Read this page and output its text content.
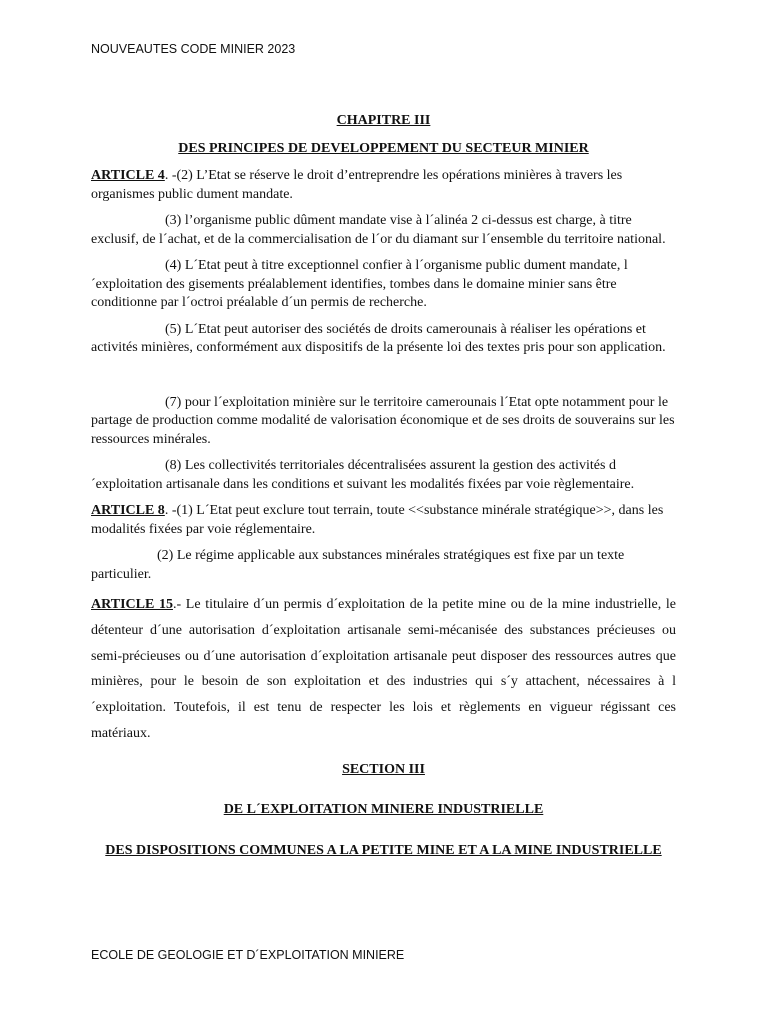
NOUVEAUTES CODE MINIER 2023
CHAPITRE III
DES PRINCIPES DE DEVELOPPEMENT DU SECTEUR MINIER

ARTICLE 4. -(2) L’Etat se réserve le droit d’entreprendre les opérations minières à travers les organismes public dument mandate.

(3) l’organisme public dûment mandate vise à l´alinéa 2 ci-dessus est charge, à titre exclusif, de l´achat, et de la commercialisation de l´or du diamant sur l´ensemble du territoire national.

(4) L´Etat peut à titre exceptionnel confier à l´organisme public dument mandate, l´exploitation des gisements préalablement identifies, tombes dans le domaine minier sans être conditionne par l´octroi préalable d´un permis de recherche.

(5) L´Etat peut autoriser des sociétés de droits camerounais à réaliser les opérations et activités minières, conformément aux dispositifs de la présente loi des textes pris pour son application.

(7) pour l´exploitation minière sur le territoire camerounais l´Etat opte notamment pour le partage de production comme modalité de valorisation économique et de ses droits de souverains sur les ressources minérales.

(8) Les collectivités territoriales décentralisées assurent la gestion des activités d ´exploitation artisanale dans les conditions et suivant les modalités fixées par voie règlementaire.

ARTICLE 8. -(1) L´Etat peut exclure tout terrain, toute <<substance minérale stratégique>>, dans les modalités fixées par voie réglementaire.

(2) Le régime applicable aux substances minérales stratégiques est fixe par un texte particulier.

ARTICLE 15.- Le titulaire d´un permis d´exploitation de la petite mine ou de la mine industrielle, le détenteur d´une autorisation d´exploitation artisanale semi-mécanisée des substances précieuses ou semi-précieuses ou d´une autorisation d´exploitation artisanale peut disposer des ressources autres que minières, pour le besoin de son exploitation et des industries qui s´y attachent, nécessaires à l´exploitation. Toutefois, il est tenu de respecter les lois et règlements en vigueur régissant ces matériaux.

SECTION III
DE L´EXPLOITATION MINIERE INDUSTRIELLE
DES DISPOSITIONS COMMUNES A LA PETITE MINE ET A LA MINE INDUSTRIELLE
ECOLE DE GEOLOGIE ET D´EXPLOITATION MINIERE
